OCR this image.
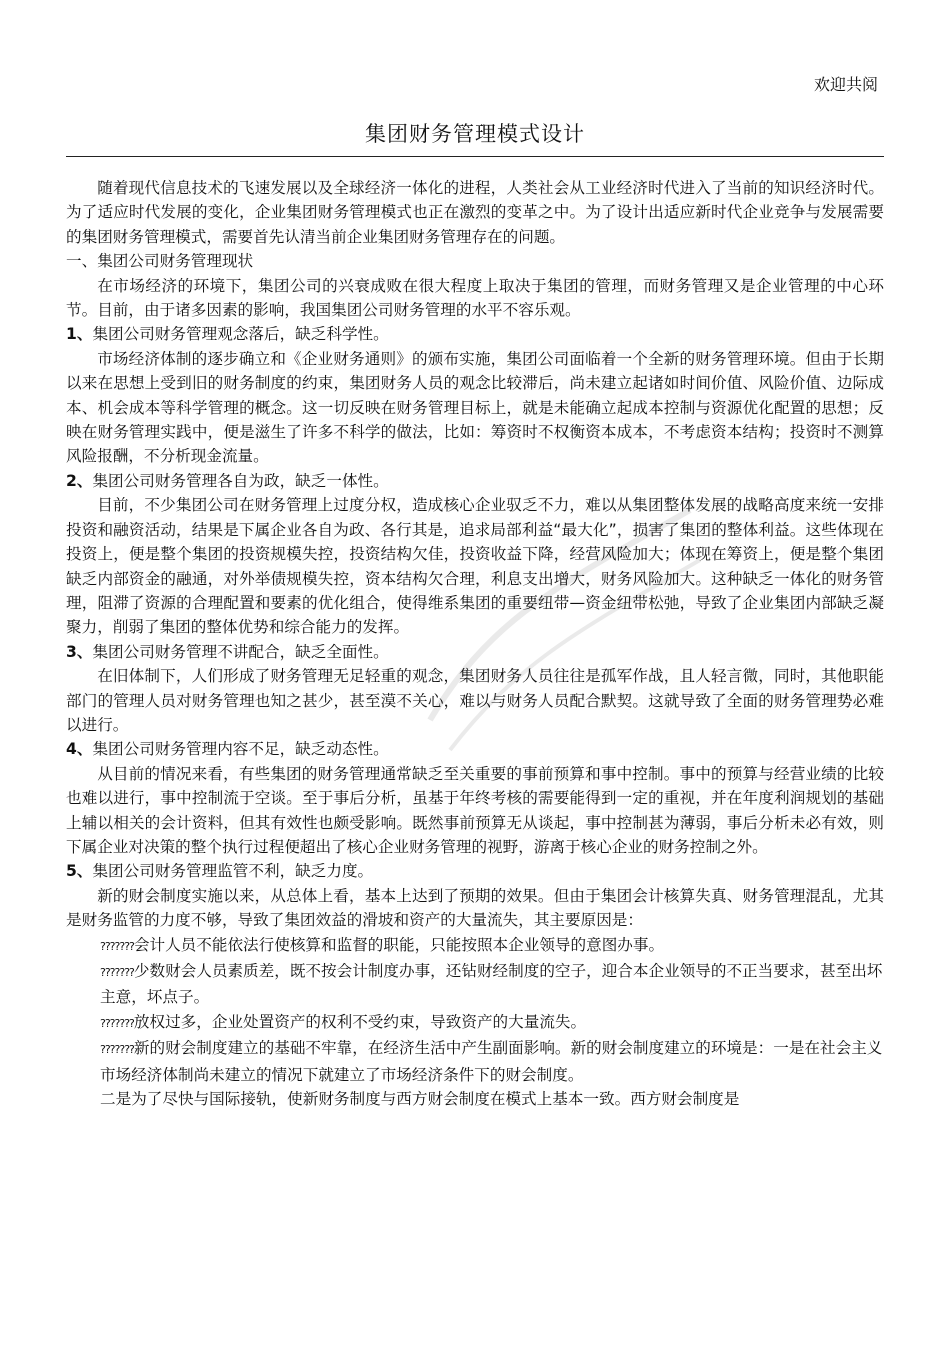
欢迎共阅
集团财务管理模式设计

随着现代信息技术的飞速发展以及全球经济一体化的进程，人类社会从工业经济时代进入了当前的知识经济时代。为了适应时代发展的变化，企业集团财务管理模式也正在激烈的变革之中。为了设计出适应新时代企业竞争与发展需要的集团财务管理模式，需要首先认清当前企业集团财务管理存在的问题。

一、集团公司财务管理现状

在市场经济的环境下，集团公司的兴衰成败在很大程度上取决于集团的管理，而财务管理又是企业管理的中心环节。目前，由于诸多因素的影响，我国集团公司财务管理的水平不容乐观。

1、集团公司财务管理观念落后，缺乏科学性。

市场经济体制的逐步确立和《企业财务通则》的颁布实施，集团公司面临着一个全新的财务管理环境。但由于长期以来在思想上受到旧的财务制度的约束，集团财务人员的观念比较滞后，尚未建立起诸如时间价值、风险价值、边际成本、机会成本等科学管理的概念。这一切反映在财务管理目标上，就是未能确立起成本控制与资源优化配置的思想；反映在财务管理实践中，便是滋生了许多不科学的做法，比如：筹资时不权衡资本成本，不考虑资本结构；投资时不测算风险报酬，不分析现金流量。

2、集团公司财务管理各自为政，缺乏一体性。

目前，不少集团公司在财务管理上过度分权，造成核心企业驭乏不力，难以从集团整体发展的战略高度来统一安排投资和融资活动，结果是下属企业各自为政、各行其是，追求局部利益“最大化”，损害了集团的整体利益。这些体现在投资上，便是整个集团的投资规模失控，投资结构欠佳，投资收益下降，经营风险加大；体现在筹资上，便是整个集团缺乏内部资金的融通，对外举债规模失控，资本结构欠合理，利息支出增大，财务风险加大。这种缺乏一体化的财务管理，阻滞了资源的合理配置和要素的优化组合，使得维系集团的重要纽带—资金纽带松弛，导致了企业集团内部缺乏凝聚力，削弱了集团的整体优势和综合能力的发挥。

3、集团公司财务管理不讲配合，缺乏全面性。

在旧体制下，人们形成了财务管理无足轻重的观念，集团财务人员往往是孤军作战，且人轻言微，同时，其他职能部门的管理人员对财务管理也知之甚少，甚至漠不关心，难以与财务人员配合默契。这就导致了全面的财务管理势必难以进行。

4、集团公司财务管理内容不足，缺乏动态性。

从目前的情况来看，有些集团的财务管理通常缺乏至关重要的事前预算和事中控制。事中的预算与经营业绩的比较也难以进行，事中控制流于空谈。至于事后分析，虽基于年终考核的需要能得到一定的重视，并在年度利润规划的基础上辅以相关的会计资料，但其有效性也颇受影响。既然事前预算无从谈起，事中控制甚为薄弱，事后分析未必有效，则下属企业对决策的整个执行过程便超出了核心企业财务管理的视野，游离于核心企业的财务控制之外。

5、集团公司财务管理监管不利，缺乏力度。

新的财会制度实施以来，从总体上看，基本上达到了预期的效果。但由于集团会计核算失真、财务管理混乱，尤其是财务监管的力度不够，导致了集团效益的滑坡和资产的大量流失，其主要原因是：

???????会计人员不能依法行使核算和监督的职能，只能按照本企业领导的意图办事。

???????少数财会人员素质差，既不按会计制度办事，还钻财经制度的空子，迎合本企业领导的不正当要求，甚至出坏主意，坏点子。

???????放权过多，企业处置资产的权利不受约束，导致资产的大量流失。

???????新的财会制度建立的基础不牢靠，在经济生活中产生副面影响。新的财会制度建立的环境是：一是在社会主义市场经济体制尚未建立的情况下就建立了市场经济条件下的财会制度。

二是为了尽快与国际接轨，使新财务制度与西方财会制度在模式上基本一致。西方财会制度是
